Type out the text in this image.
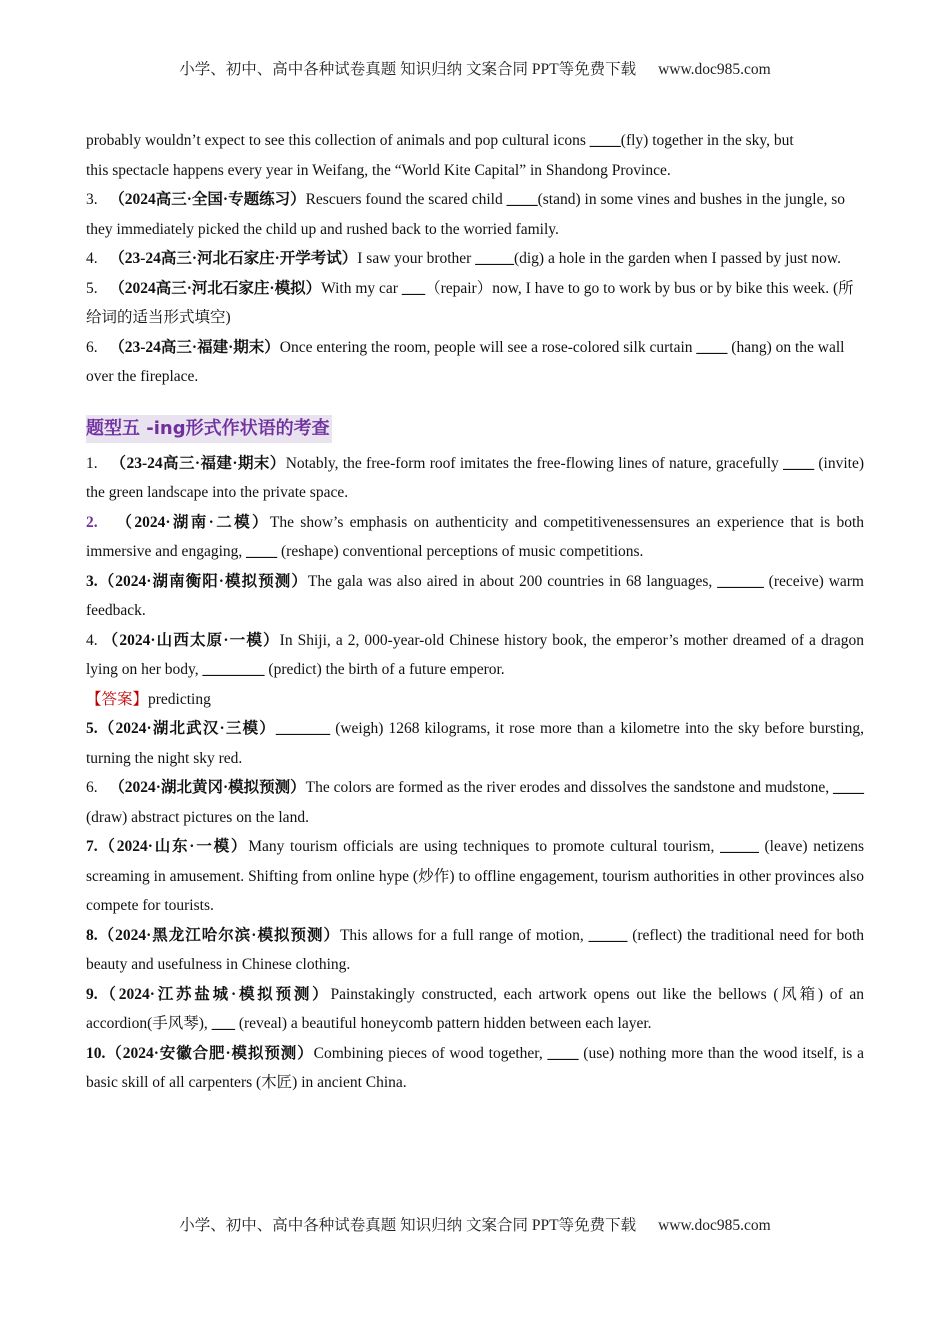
小学、初中、高中各种试卷真题 知识归纳 文案合同 PPT等免费下载 www.doc985.com

probably wouldn’t expect to see this collection of animals and pop cultural icons ____(fly) together in the sky, but
this spectacle happens every year in Weifang, the “World Kite Capital” in Shandong Province.

3. （2024高三·全国·专题练习）Rescuers found the scared child ____(stand) in some vines and bushes in the jungle, so they immediately picked the child up and rushed back to the worried family.

4. （23-24高三·河北石家庄·开学考试）I saw your brother _____(dig) a hole in the garden when I passed by just now.

5. （2024高三·河北石家庄·模拟）With my car ___（repair）now, I have to go to work by bus or by bike this week. (所给词的适当形式填空)

6. （23-24高三·福建·期末）Once entering the room, people will see a rose-colored silk curtain ____ (hang) on the wall over the fireplace.

题型五 -ing形式作状语的考查

1. （23-24高三·福建·期末）Notably, the free-form roof imitates the free-flowing lines of nature, gracefully ____ (invite) the green landscape into the private space.

2. （2024·湖南·二模）The show’s emphasis on authenticity and competitivenessensures an experience that is both immersive and engaging, ____ (reshape) conventional perceptions of music competitions.

3.（2024·湖南衡阳·模拟预测）The gala was also aired in about 200 countries in 68 languages, ______ (receive) warm feedback.

4. （2024·山西太原·一模）In Shiji, a 2, 000-year-old Chinese history book, the emperor’s mother dreamed of a dragon lying on her body, ________ (predict) the birth of a future emperor.

【答案】predicting

5.（2024·湖北武汉·三模）_______ (weigh) 1268 kilograms, it rose more than a kilometre into the sky before bursting, turning the night sky red.

6. （2024·湖北黄冈·模拟预测）The colors are formed as the river erodes and dissolves the sandstone and mudstone, ____ (draw) abstract pictures on the land.

7.（2024·山东·一模）Many tourism officials are using techniques to promote cultural tourism, _____ (leave) netizens screaming in amusement. Shifting from online hype (炒作) to offline engagement, tourism authorities in other provinces also compete for tourists.

8.（2024·黑龙江哈尔滨·模拟预测）This allows for a full range of motion, _____ (reflect) the traditional need for both beauty and usefulness in Chinese clothing.

9.（2024·江苏盐城·模拟预测）Painstakingly constructed, each artwork opens out like the bellows (风箱) of an accordion(手风琴), ___ (reveal) a beautiful honeycomb pattern hidden between each layer.

10.（2024·安徽合肥·模拟预测）Combining pieces of wood together, ____ (use) nothing more than the wood itself, is a basic skill of all carpenters (木匠) in ancient China.

小学、初中、高中各种试卷真题 知识归纳 文案合同 PPT等免费下载 www.doc985.com
